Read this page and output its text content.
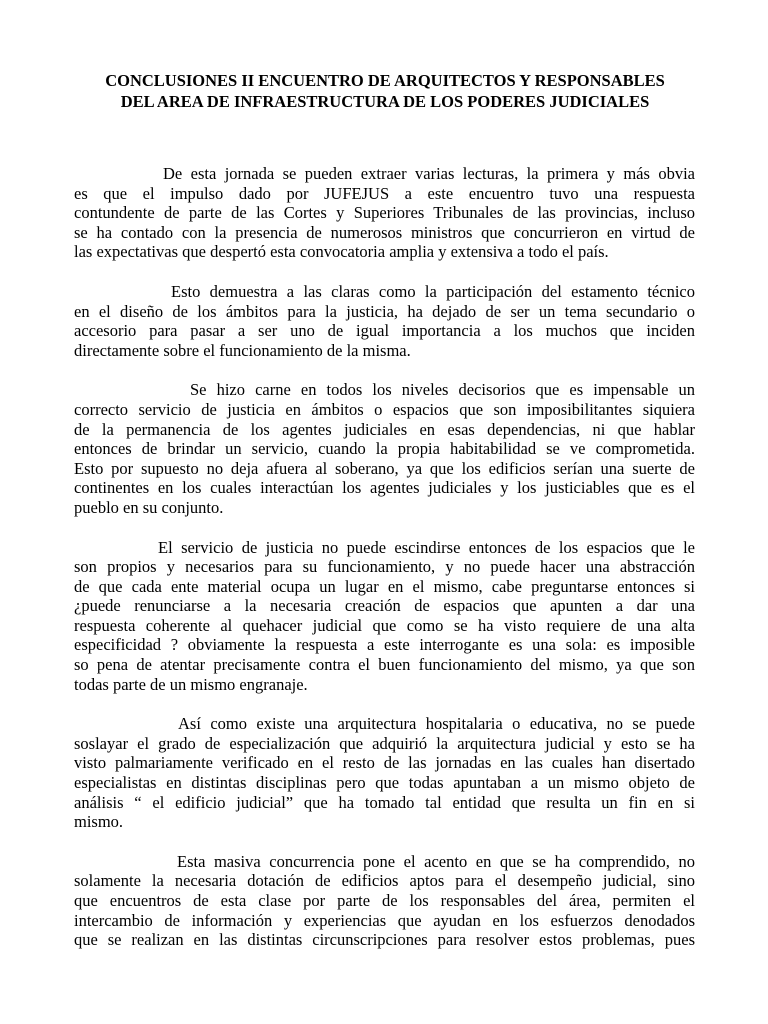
CONCLUSIONES II ENCUENTRO DE ARQUITECTOS Y RESPONSABLES
DEL AREA DE INFRAESTRUCTURA DE LOS PODERES JUDICIALES

De esta jornada se pueden extraer varias lecturas, la primera y más obvia
es que el impulso dado por JUFEJUS a este encuentro tuvo una respuesta
contundente de parte de las Cortes y Superiores Tribunales de las provincias, incluso
se ha contado con la presencia de numerosos ministros que concurrieron en virtud de
las expectativas que despertó esta convocatoria amplia y extensiva a todo el país.

Esto demuestra a las claras como la participación del estamento técnico
en el diseño de los ámbitos para la justicia, ha dejado de ser un tema secundario o
accesorio para pasar a ser uno de igual importancia a los muchos que inciden
directamente sobre el funcionamiento de la misma.

Se hizo carne en todos los niveles decisorios que es impensable un
correcto servicio de justicia en ámbitos o espacios que son imposibilitantes siquiera
de la permanencia de los agentes judiciales en esas dependencias, ni que hablar
entonces de brindar un servicio, cuando la propia habitabilidad se ve comprometida.
Esto por supuesto no deja afuera al soberano, ya que los edificios serían una suerte de
continentes en los cuales interactúan los agentes judiciales y los justiciables que es el
pueblo en su conjunto.

El servicio de justicia no puede escindirse entonces de los espacios que le
son propios y necesarios para su funcionamiento, y no puede hacer una abstracción
de que cada ente material ocupa un lugar en el mismo, cabe preguntarse entonces si
¿puede renunciarse a la necesaria creación de espacios que apunten a dar una
respuesta coherente al quehacer judicial que como se ha visto requiere de una alta
especificidad ? obviamente la respuesta a este interrogante es una sola: es imposible
so pena de atentar precisamente contra el buen funcionamiento del mismo, ya que son
todas parte de un mismo engranaje.

Así como existe una arquitectura hospitalaria o educativa, no se puede
soslayar el grado de especialización que adquirió la arquitectura judicial y esto se ha
visto palmariamente verificado en el resto de las jornadas en las cuales han disertado
especialistas en distintas disciplinas pero que todas apuntaban a un mismo objeto de
análisis “ el edificio judicial” que ha tomado tal entidad que resulta un fin en si
mismo.

Esta masiva concurrencia pone el acento en que se ha comprendido, no
solamente la necesaria dotación de edificios aptos para el desempeño judicial, sino
que encuentros de esta clase por parte de los responsables del área, permiten el
intercambio de información y experiencias que ayudan en los esfuerzos denodados
que se realizan en las distintas circunscripciones para resolver estos problemas, pues
